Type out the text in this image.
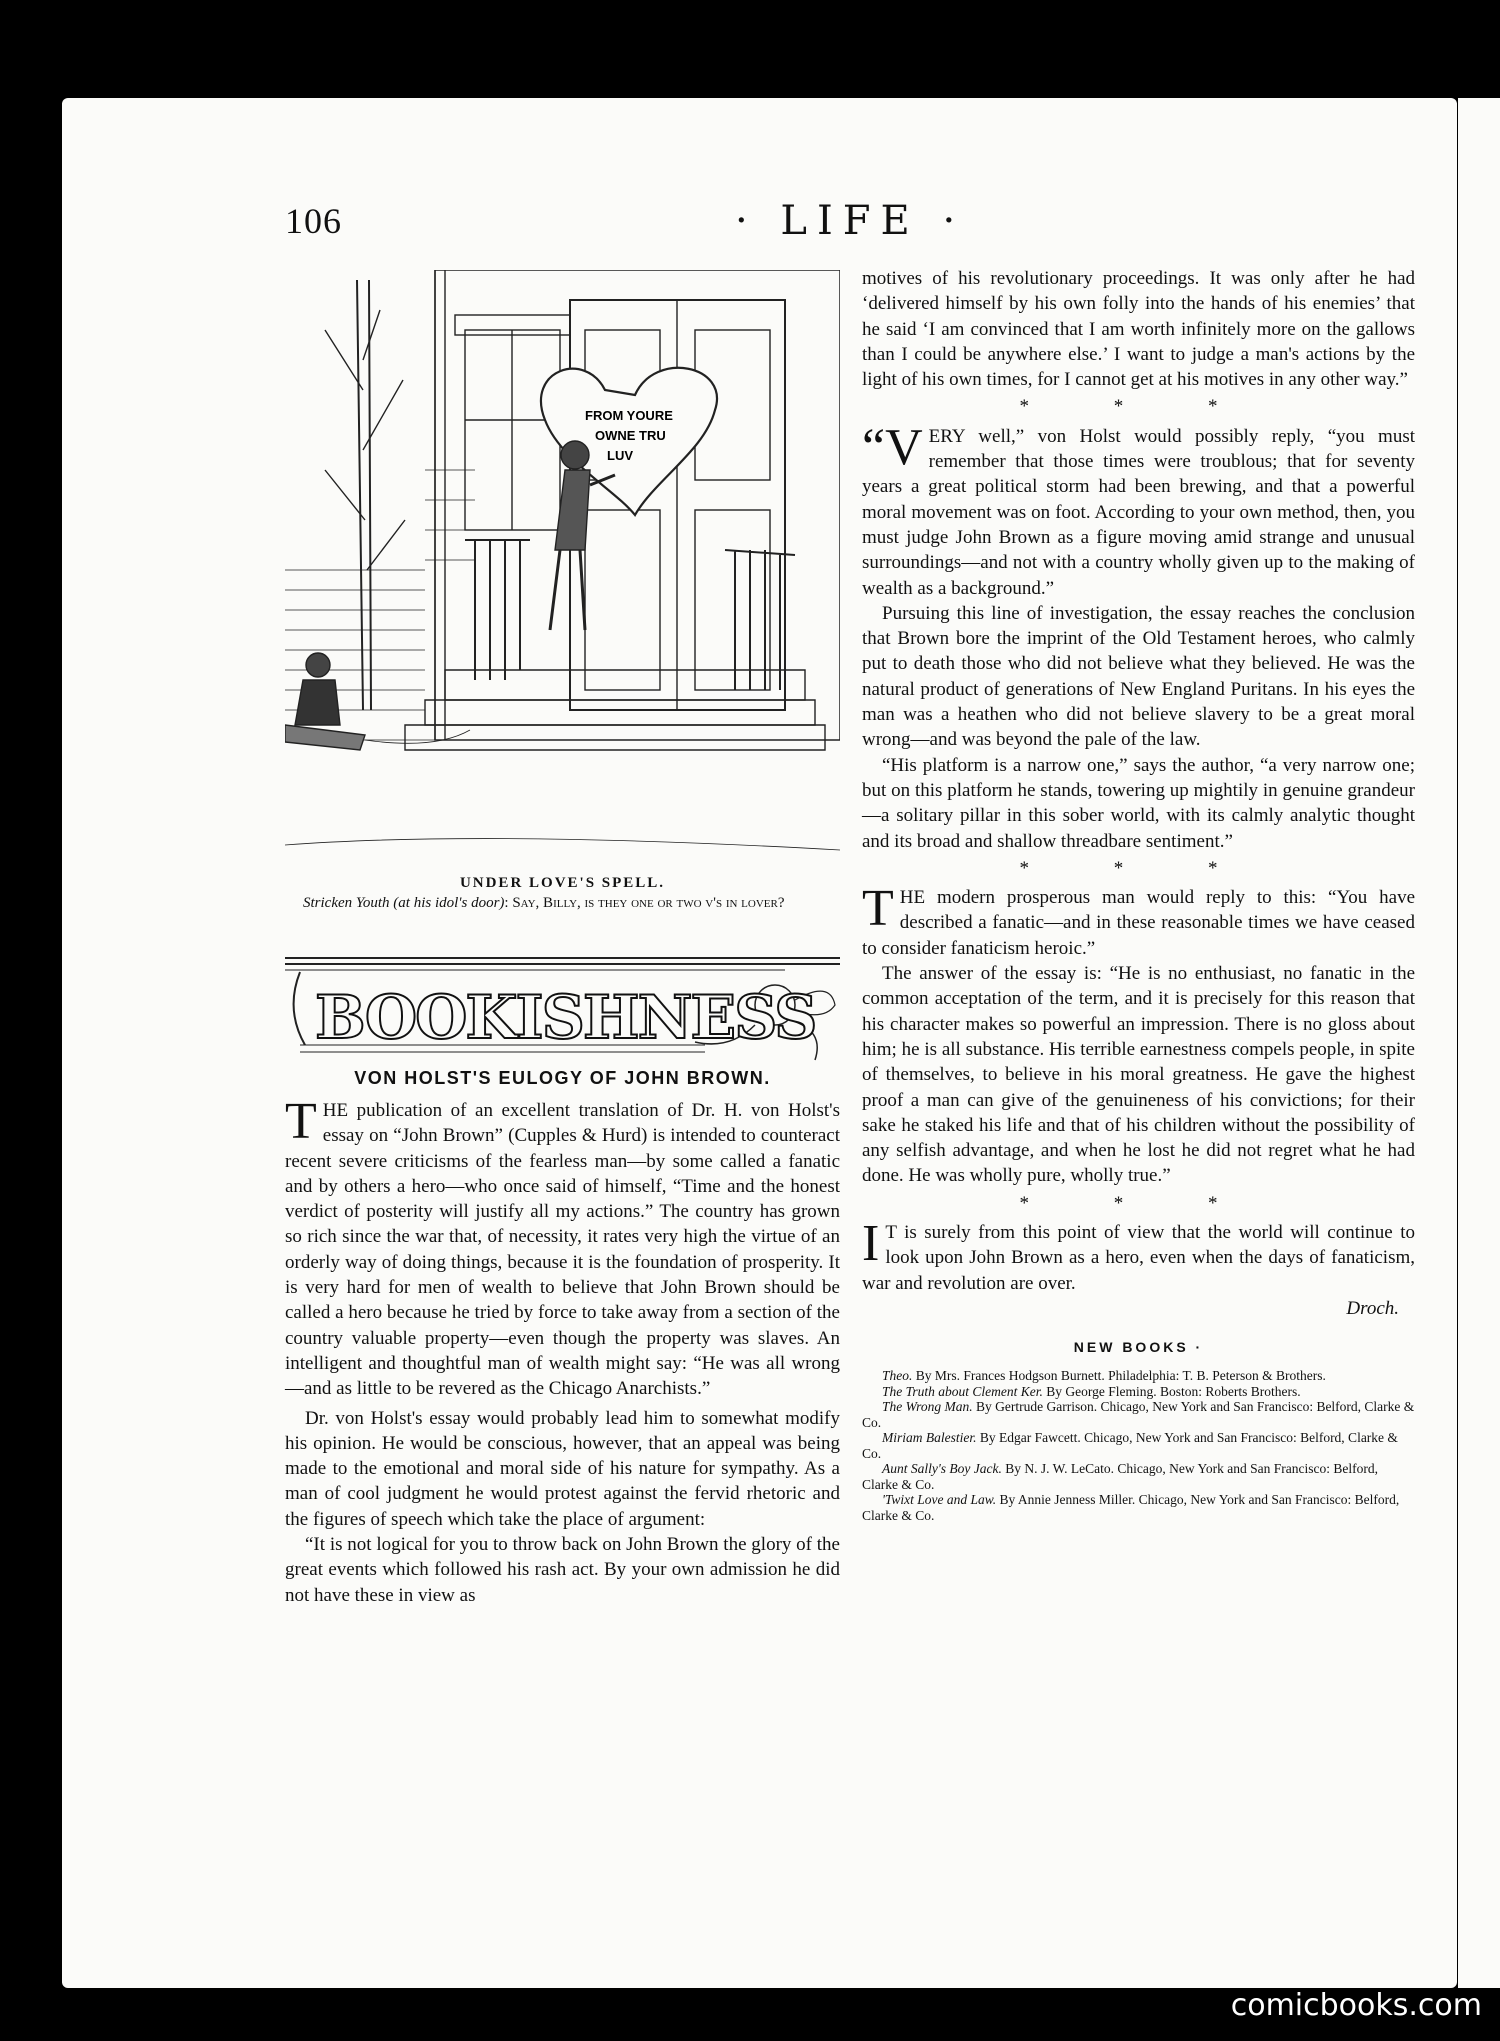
106	· LIFE ·
FROM YOURE
OWNE TRU
LUV
UNDER LOVE'S SPELL.
Stricken Youth (at his idol's door): Say, Billy, is they one or two v's in lover?
BOOKISHNESS
VON HOLST'S EULOGY OF JOHN BROWN.

THE publication of an excellent translation of Dr. H. von Holst's essay on “John Brown” (Cupples & Hurd) is intended to counteract recent severe criticisms of the fearless man—by some called a fanatic and by others a hero—who once said of himself, “Time and the honest verdict of posterity will justify all my actions.” The country has grown so rich since the war that, of necessity, it rates very high the virtue of an orderly way of doing things, because it is the foundation of prosperity. It is very hard for men of wealth to believe that John Brown should be called a hero because he tried by force to take away from a section of the country valuable property—even though the property was slaves. An intelligent and thoughtful man of wealth might say: “He was all wrong—and as little to be revered as the Chicago Anarchists.”

Dr. von Holst's essay would probably lead him to somewhat modify his opinion. He would be conscious, however, that an appeal was being made to the emotional and moral side of his nature for sympathy. As a man of cool judgment he would protest against the fervid rhetoric and the figures of speech which take the place of argument:

“It is not logical for you to throw back on John Brown the glory of the great events which followed his rash act. By your own admission he did not have these in view as

motives of his revolutionary proceedings. It was only after he had ‘delivered himself by his own folly into the hands of his enemies’ that he said ‘I am convinced that I am worth infinitely more on the gallows than I could be anywhere else.’ I want to judge a man's actions by the light of his own times, for I cannot get at his motives in any other way.”

* * *

“VERY well,” von Holst would possibly reply, “you must remember that those times were troublous; that for seventy years a great political storm had been brewing, and that a powerful moral movement was on foot. According to your own method, then, you must judge John Brown as a figure moving amid strange and unusual surroundings—and not with a country wholly given up to the making of wealth as a background.”

Pursuing this line of investigation, the essay reaches the conclusion that Brown bore the imprint of the Old Testament heroes, who calmly put to death those who did not believe what they believed. He was the natural product of generations of New England Puritans. In his eyes the man was a heathen who did not believe slavery to be a great moral wrong—and was beyond the pale of the law.

“His platform is a narrow one,” says the author, “a very narrow one; but on this platform he stands, towering up mightily in genuine grandeur—a solitary pillar in this sober world, with its calmly analytic thought and its broad and shallow threadbare sentiment.”

* * *

THE modern prosperous man would reply to this: “You have described a fanatic—and in these reasonable times we have ceased to consider fanaticism heroic.”

The answer of the essay is: “He is no enthusiast, no fanatic in the common acceptation of the term, and it is precisely for this reason that his character makes so powerful an impression. There is no gloss about him; he is all substance. His terrible earnestness compels people, in spite of themselves, to believe in his moral greatness. He gave the highest proof a man can give of the genuineness of his convictions; for their sake he staked his life and that of his children without the possibility of any selfish advantage, and when he lost he did not regret what he had done. He was wholly pure, wholly true.”

* * *

I T is surely from this point of view that the world will continue to look upon John Brown as a hero, even when the days of fanaticism, war and revolution are over.

Droch.
NEW BOOKS ·

Theo. By Mrs. Frances Hodgson Burnett. Philadelphia: T. B. Peterson & Brothers.

The Truth about Clement Ker. By George Fleming. Boston: Roberts Brothers.

The Wrong Man. By Gertrude Garrison. Chicago, New York and San Francisco: Belford, Clarke & Co.

Miriam Balestier. By Edgar Fawcett. Chicago, New York and San Francisco: Belford, Clarke & Co.

Aunt Sally's Boy Jack. By N. J. W. LeCato. Chicago, New York and San Francisco: Belford, Clarke & Co.

'Twixt Love and Law. By Annie Jenness Miller. Chicago, New York and San Francisco: Belford, Clarke & Co.

comicbooks.com
